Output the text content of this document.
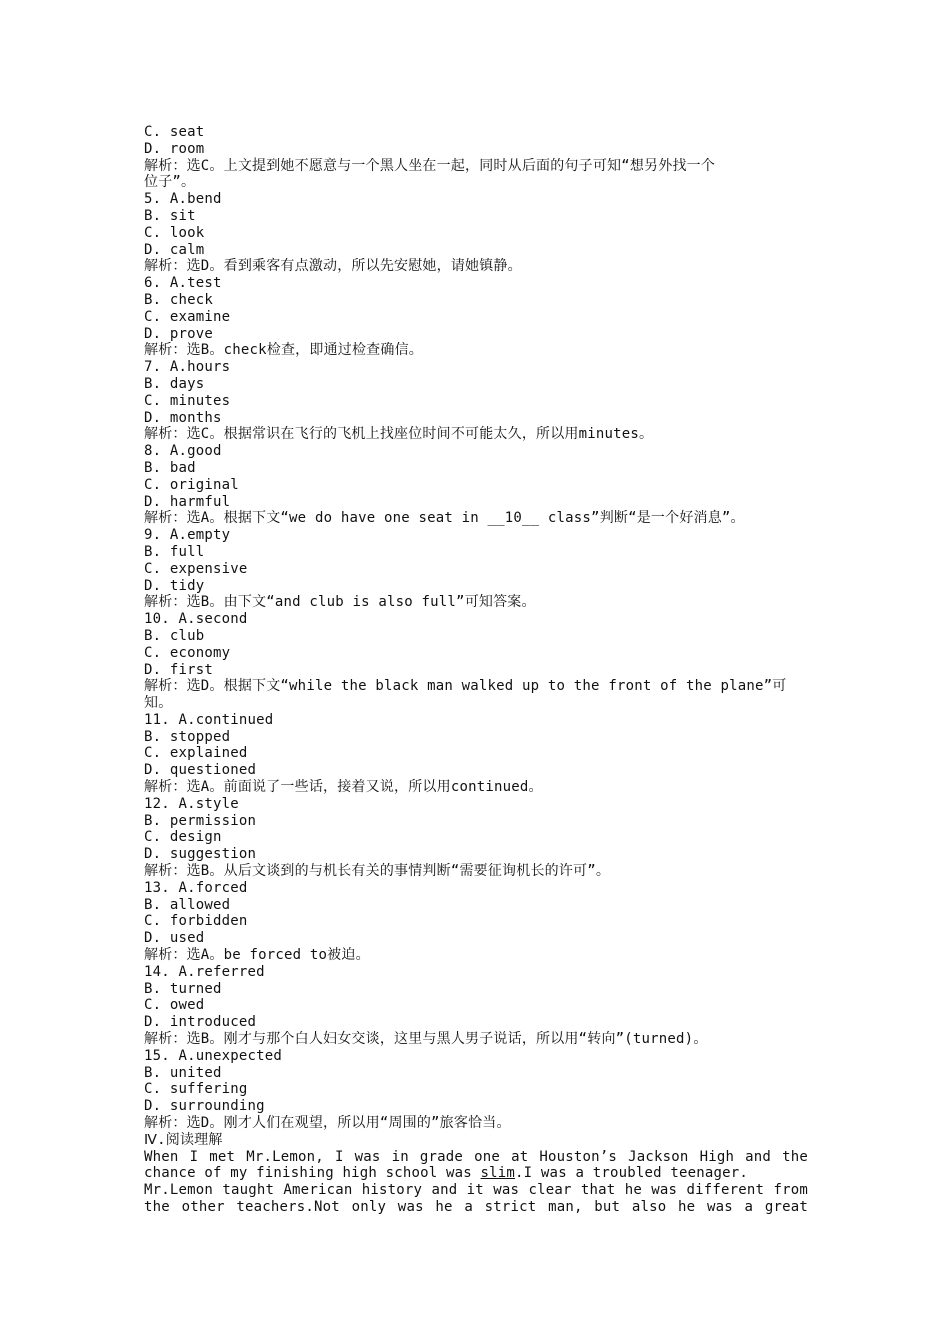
C. seat
D. room
解析：选C。上文提到她不愿意与一个黑人坐在一起，同时从后面的句子可知“想另外找一个
位子”。
5. A.bend
B. sit
C. look
D. calm
解析：选D。看到乘客有点激动，所以先安慰她，请她镇静。
6. A.test
B. check
C. examine
D. prove
解析：选B。check检查，即通过检查确信。
7. A.hours
B. days
C. minutes
D. months
解析：选C。根据常识在飞行的飞机上找座位时间不可能太久，所以用minutes。
8. A.good
B. bad
C. original
D. harmful
解析：选A。根据下文“we do have one seat in __10__ class”判断“是一个好消息”。
9. A.empty
B. full
C. expensive
D. tidy
解析：选B。由下文“and club is also full”可知答案。
10. A.second
B. club
C. economy
D. first
解析：选D。根据下文“while the black man walked up to the front of the plane”可
知。
11. A.continued
B. stopped
C. explained
D. questioned
解析：选A。前面说了一些话，接着又说，所以用continued。
12. A.style
B. permission
C. design
D. suggestion
解析：选B。从后文谈到的与机长有关的事情判断“需要征询机长的许可”。
13. A.forced
B. allowed
C. forbidden
D. used
解析：选A。be forced to被迫。
14. A.referred
B. turned
C. owed
D. introduced
解析：选B。刚才与那个白人妇女交谈，这里与黑人男子说话，所以用“转向”(turned)。
15. A.unexpected
B. united
C. suffering
D. surrounding
解析：选D。刚才人们在观望，所以用“周围的”旅客恰当。
Ⅳ.阅读理解
When I met Mr.Lemon, I was in grade one at Houston’s Jackson High and the
chance of my finishing high school was slim.I was a troubled teenager.
Mr.Lemon taught American history and it was clear that he was different from
the other teachers.Not only was he a strict man, but also he was a great
